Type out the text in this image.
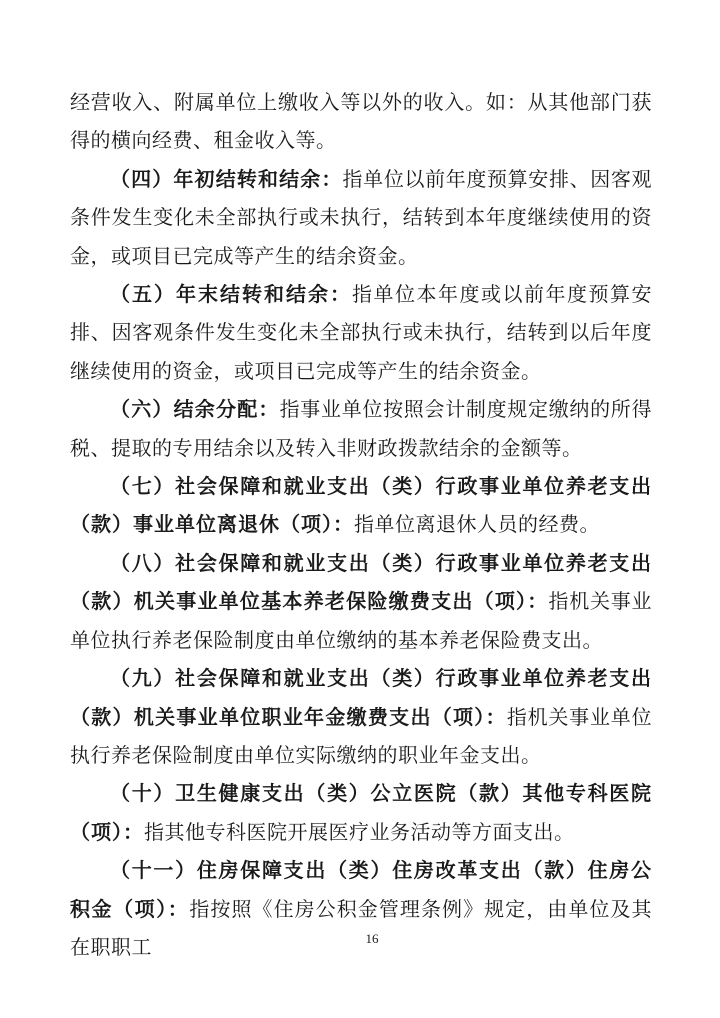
经营收入、附属单位上缴收入等以外的收入。如：从其他部门获得的横向经费、租金收入等。

（四）年初结转和结余：指单位以前年度预算安排、因客观条件发生变化未全部执行或未执行，结转到本年度继续使用的资金，或项目已完成等产生的结余资金。

（五）年末结转和结余：指单位本年度或以前年度预算安排、因客观条件发生变化未全部执行或未执行，结转到以后年度继续使用的资金，或项目已完成等产生的结余资金。

（六）结余分配：指事业单位按照会计制度规定缴纳的所得税、提取的专用结余以及转入非财政拨款结余的金额等。

（七）社会保障和就业支出（类）行政事业单位养老支出（款）事业单位离退休（项）：指单位离退休人员的经费。

（八）社会保障和就业支出（类）行政事业单位养老支出（款）机关事业单位基本养老保险缴费支出（项）：指机关事业单位执行养老保险制度由单位缴纳的基本养老保险费支出。

（九）社会保障和就业支出（类）行政事业单位养老支出（款）机关事业单位职业年金缴费支出（项）：指机关事业单位执行养老保险制度由单位实际缴纳的职业年金支出。

（十）卫生健康支出（类）公立医院（款）其他专科医院（项）：指其他专科医院开展医疗业务活动等方面支出。

（十一）住房保障支出（类）住房改革支出（款）住房公积金（项）：指按照《住房公积金管理条例》规定，由单位及其在职职工	16
